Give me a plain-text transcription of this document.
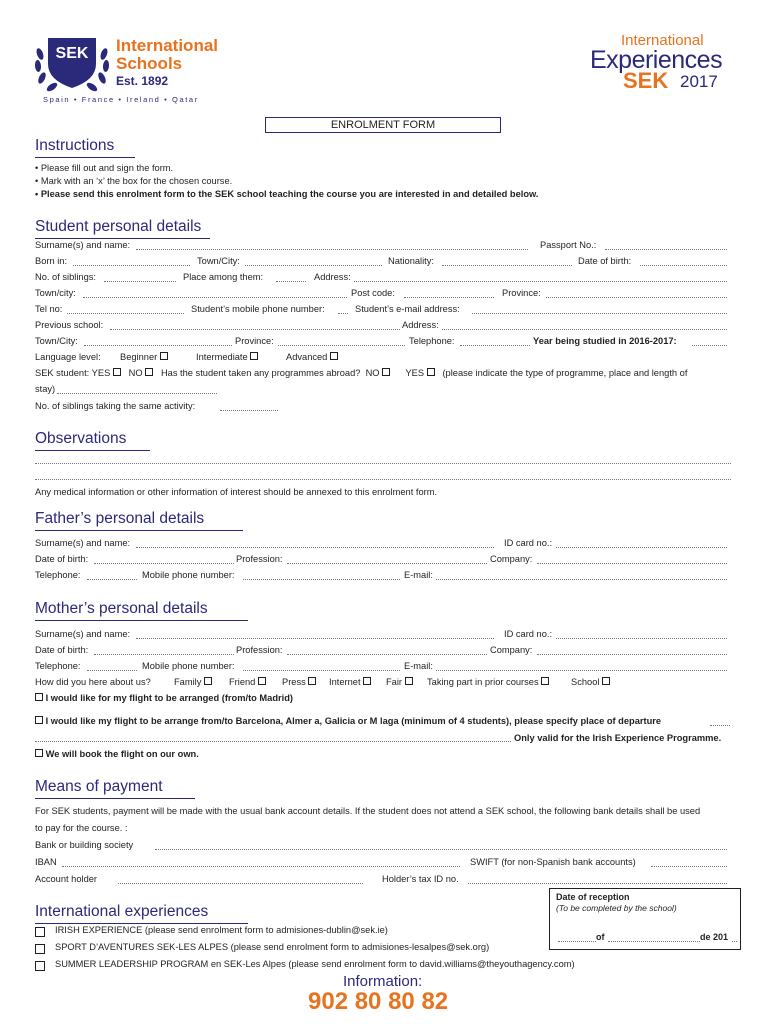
SEK International
Schools
Est. 1892
Spain • France • Ireland • Qatar
International
Experiences
SEK 2017
ENROLMENT FORM
Instructions
• Please fill out and sign the form.
• Mark with an ‘x’ the box for the chosen course.
• Please send this enrolment form to the SEK school teaching the course you are interested in and detailed below.
Student personal details
Surname(s) and name:	Passport No.:
Born in:	Town/City:	Nationality:	Date of birth:
No. of siblings:	Place among them:	Address:
Town/city:	Post code:	Province:
Tel no:	Student’s mobile phone number:	Student’s e-mail address:
Previous school:	Address:
Town/City:	Province:	Telephone:	Year being studied in 2016-2017:
Language level: Beginner	Intermediate	Advanced
SEK student: YES NO Has the student taken any programmes abroad? NO	YES (please indicate the type of programme, place and length of
stay)
No. of siblings taking the same activity:
Observations
Any medical information or other information of interest should be annexed to this enrolment form.
Father’s personal details
Surname(s) and name:	ID card no.:
Date of birth:	Profession:	Company:
Telephone:	Mobile phone number:	E-mail:
Mother’s personal details
Surname(s) and name:	ID card no.:
Date of birth:	Profession:	Company:
Telephone:	Mobile phone number:	E-mail:
How did you here about us? Family	Friend	Press	Internet	Fair	Taking part in prior courses	School
I would like for my flight to be arranged (from/to Madrid)
I would like my flight to be arrange from/to Barcelona, Almer a, Galicia or M laga (minimum of 4 students), please specify place of departure
Only valid for the Irish Experience Programme.
We will book the flight on our own.
Means of payment
For SEK students, payment will be made with the usual bank account details. If the student does not attend a SEK school, the following bank details shall be used
to pay for the course. :
Bank or building society
IBAN	SWIFT (for non-Spanish bank accounts)
Account holder	Holder’s tax ID no.
Date of reception
(To be completed by the school)
of	de 201
International experiences
IRISH EXPERIENCE (please send enrolment form to admisiones-dublin@sek.ie)
SPORT D’AVENTURES SEK-LES ALPES (please send enrolment form to admisiones-lesalpes@sek.org)
SUMMER LEADERSHIP PROGRAM en SEK-Les Alpes (please send enrolment form to david.williams@theyouthagency.com)
Information:
902 80 80 82
